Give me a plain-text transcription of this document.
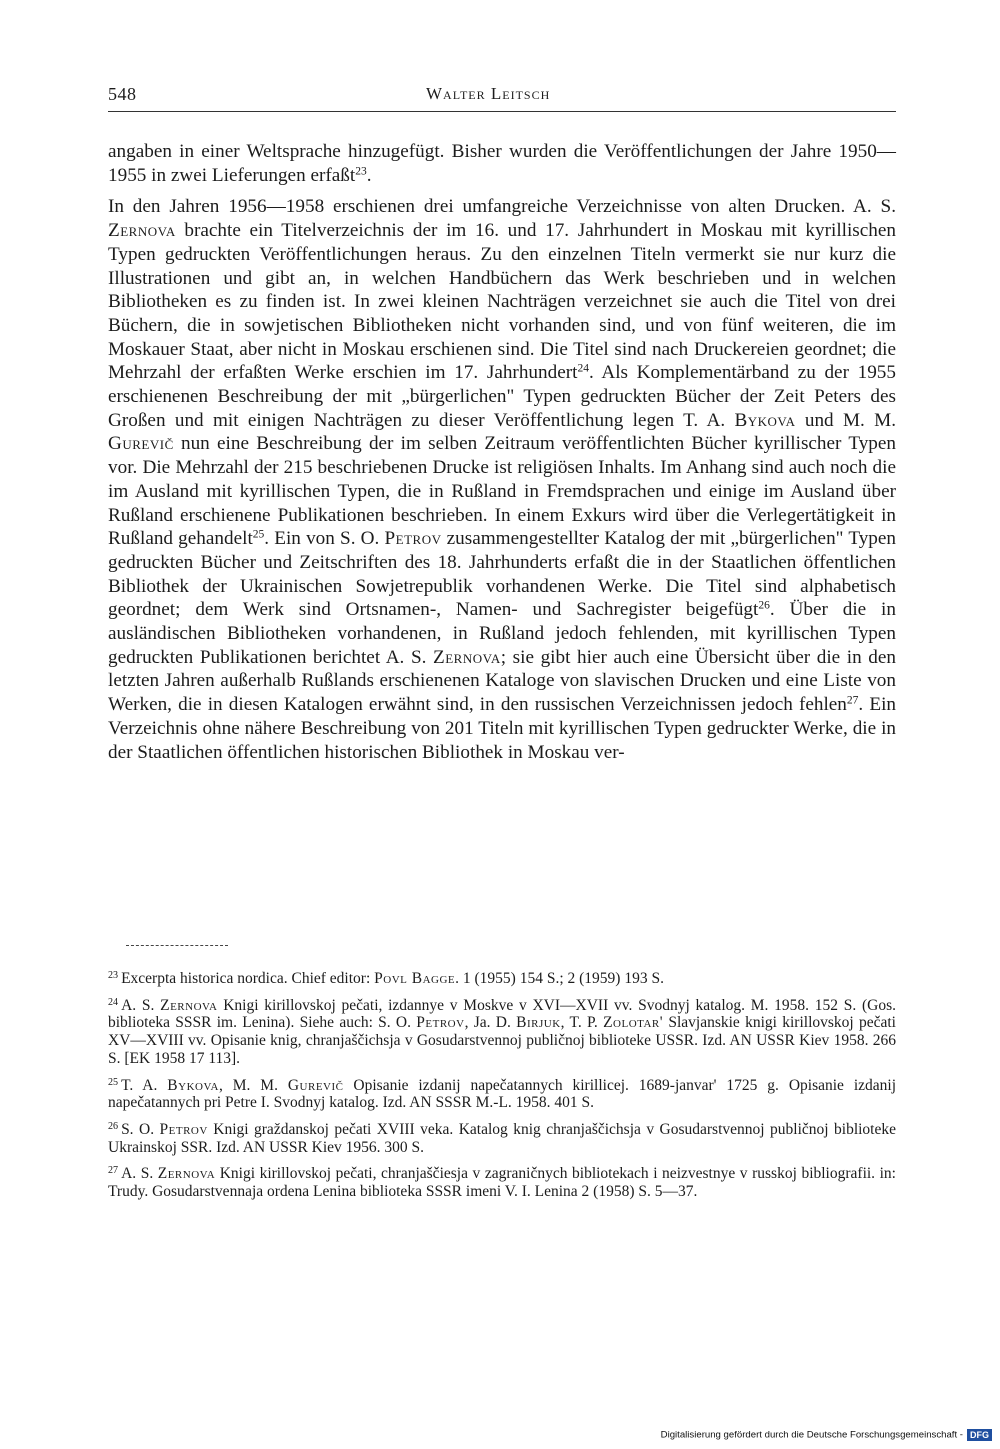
548	Walter Leitsch

angaben in einer Weltsprache hinzugefügt. Bisher wurden die Veröffentlichungen der Jahre 1950—1955 in zwei Lieferungen erfaßt$^{23}$.

In den Jahren 1956—1958 erschienen drei umfangreiche Verzeichnisse von alten Drucken. A. S. Zernova brachte ein Titelverzeichnis der im 16. und 17. Jahrhundert in Moskau mit kyrillischen Typen gedruckten Veröffentlichungen heraus. Zu den einzelnen Titeln vermerkt sie nur kurz die Illustrationen und gibt an, in welchen Handbüchern das Werk beschrieben und in welchen Bibliotheken es zu finden ist. In zwei kleinen Nachträgen verzeichnet sie auch die Titel von drei Büchern, die in sowjetischen Bibliotheken nicht vorhanden sind, und von fünf weiteren, die im Moskauer Staat, aber nicht in Moskau erschienen sind. Die Titel sind nach Druckereien geordnet; die Mehrzahl der erfaßten Werke erschien im 17. Jahrhundert$^{24}$. Als Komplementärband zu der 1955 erschienenen Beschreibung der mit „bürgerlichen" Typen gedruckten Bücher der Zeit Peters des Großen und mit einigen Nachträgen zu dieser Veröffentlichung legen T. A. Bykova und M. M. Gurevič nun eine Beschreibung der im selben Zeitraum veröffentlichten Bücher kyrillischer Typen vor. Die Mehrzahl der 215 beschriebenen Drucke ist religiösen Inhalts. Im Anhang sind auch noch die im Ausland mit kyrillischen Typen, die in Rußland in Fremdsprachen und einige im Ausland über Rußland erschienene Publikationen beschrieben. In einem Exkurs wird über die Verlegertätigkeit in Rußland gehandelt$^{25}$. Ein von S. O. Petrov zusammengestellter Katalog der mit „bürgerlichen" Typen gedruckten Bücher und Zeitschriften des 18. Jahrhunderts erfaßt die in der Staatlichen öffentlichen Bibliothek der Ukrainischen Sowjetrepublik vorhandenen Werke. Die Titel sind alphabetisch geordnet; dem Werk sind Ortsnamen-, Namen- und Sachregister beigefügt$^{26}$. Über die in ausländischen Bibliotheken vorhandenen, in Rußland jedoch fehlenden, mit kyrillischen Typen gedruckten Publikationen berichtet A. S. Zernova; sie gibt hier auch eine Übersicht über die in den letzten Jahren außerhalb Rußlands erschienenen Kataloge von slavischen Drucken und eine Liste von Werken, die in diesen Katalogen erwähnt sind, in den russischen Verzeichnissen jedoch fehlen$^{27}$. Ein Verzeichnis ohne nähere Beschreibung von 201 Titeln mit kyrillischen Typen gedruckter Werke, die in der Staatlichen öffentlichen historischen Bibliothek in Moskau ver-

$^{23}$ Excerpta historica nordica. Chief editor: Povl Bagge. 1 (1955) 154 S.; 2 (1959) 193 S.
$^{24}$ A. S. Zernova Knigi kirillovskoj pečati, izdannye v Moskve v XVI—XVII vv. Svodnyj katalog. M. 1958. 152 S. (Gos. biblioteka SSSR im. Lenina). Siehe auch: S. O. Petrov, Ja. D. Birjuk, T. P. Zolotar' Slavjanskie knigi kirillovskoj pečati XV—XVIII vv. Opisanie knig, chranjaščichsja v Gosudarstvennoj publičnoj biblioteke USSR. Izd. AN USSR Kiev 1958. 266 S. [EK 1958 17 113].
$^{25}$ T. A. Bykova, M. M. Gurevič Opisanie izdanij napečatannych kirillicej. 1689-janvar' 1725 g. Opisanie izdanij napečatannych pri Petre I. Svodnyj katalog. Izd. AN SSSR M.-L. 1958. 401 S.
$^{26}$ S. O. Petrov Knigi graždanskoj pečati XVIII veka. Katalog knig chranjaščichsja v Gosudarstvennoj publičnoj biblioteke Ukrainskoj SSR. Izd. AN USSR Kiev 1956. 300 S.
$^{27}$ A. S. Zernova Knigi kirillovskoj pečati, chranjaščiesja v zagraničnych bibliotekach i neizvestnye v russkoj bibliografii. in: Trudy. Gosudarstvennaja ordena Lenina biblioteka SSSR imeni V. I. Lenina 2 (1958) S. 5—37.
Digitalisierung gefördert durch die Deutsche Forschungsgemeinschaft - DFG
